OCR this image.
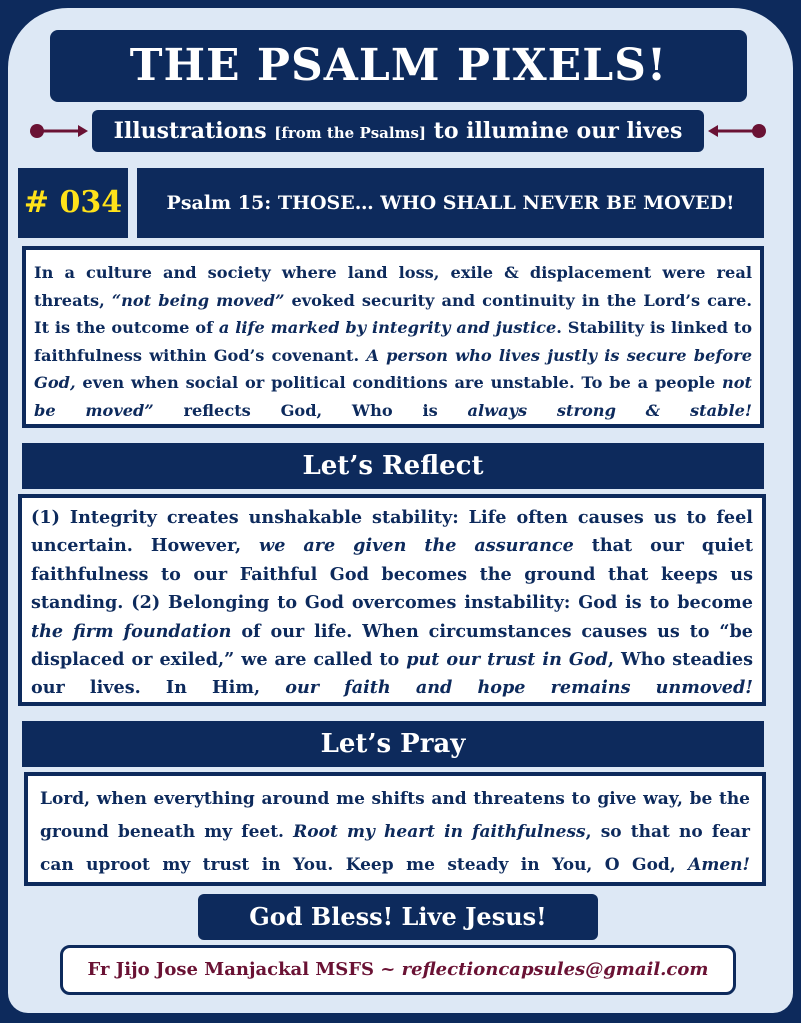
THE PSALM PIXELS!
Illustrations [from the Psalms] to illumine our lives
# 034	Psalm 15: THOSE… WHO SHALL NEVER BE MOVED!
In a culture and society where land loss, exile & displacement were real threats, “not being moved” evoked security and continuity in the Lord’s care. It is the outcome of a life marked by integrity and justice. Stability is linked to faithfulness within God’s covenant. A person who lives justly is secure before God, even when social or political conditions are unstable. To be a people not be moved” reflects God, Who is always strong & stable!
Let’s Reflect
(1) Integrity creates unshakable stability: Life often causes us to feel uncertain. However, we are given the assurance that our quiet faithfulness to our Faithful God becomes the ground that keeps us standing. (2) Belonging to God overcomes instability: God is to become the firm foundation of our life. When circumstances causes us to “be displaced or exiled,” we are called to put our trust in God, Who steadies our lives. In Him, our faith and hope remains unmoved!
Let’s Pray
Lord, when everything around me shifts and threatens to give way, be the ground beneath my feet. Root my heart in faithfulness, so that no fear can uproot my trust in You. Keep me steady in You, O God, Amen!
God Bless! Live Jesus!
Fr Jijo Jose Manjackal MSFS ~ reflectioncapsules@gmail.com
